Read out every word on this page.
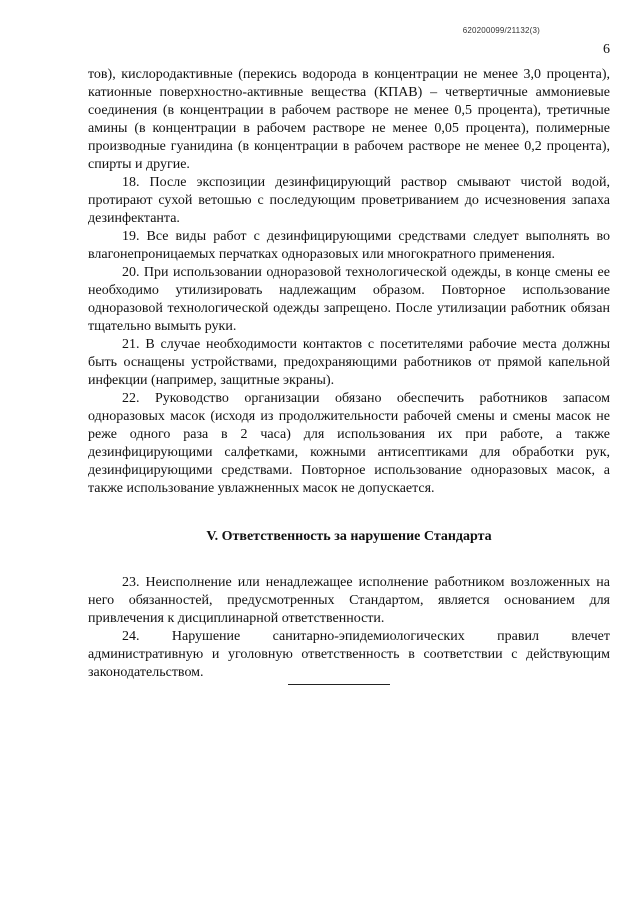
620200099/21132(3)
6

тов), кислородактивные (перекись водорода в концентрации не менее 3,0 процента), катионные поверхностно-активные вещества (КПАВ) – четвертичные аммониевые соединения (в концентрации в рабочем растворе не менее 0,5 процента), третичные амины (в концентрации в рабочем растворе не менее 0,05 процента), полимерные производные гуанидина (в концентрации в рабочем растворе не менее 0,2 процента), спирты и другие.

18. После экспозиции дезинфицирующий раствор смывают чистой водой, протирают сухой ветошью с последующим проветриванием до исчезновения запаха дезинфектанта.

19. Все виды работ с дезинфицирующими средствами следует выполнять во влагонепроницаемых перчатках одноразовых или многократного применения.

20. При использовании одноразовой технологической одежды, в конце смены ее необходимо утилизировать надлежащим образом. Повторное использование одноразовой технологической одежды запрещено. После утилизации работник обязан тщательно вымыть руки.

21. В случае необходимости контактов с посетителями рабочие места должны быть оснащены устройствами, предохраняющими работников от прямой капельной инфекции (например, защитные экраны).

22. Руководство организации обязано обеспечить работников запасом одноразовых масок (исходя из продолжительности рабочей смены и смены масок не реже одного раза в 2 часа) для использования их при работе, а также дезинфицирующими салфетками, кожными антисептиками для обработки рук, дезинфицирующими средствами. Повторное использование одноразовых масок, а также использование увлажненных масок не допускается.

V. Ответственность за нарушение Стандарта

23. Неисполнение или ненадлежащее исполнение работником возложенных на него обязанностей, предусмотренных Стандартом, является основанием для привлечения к дисциплинарной ответственности.

24. Нарушение санитарно-эпидемиологических правил влечет административную и уголовную ответственность в соответствии с действующим законодательством.
